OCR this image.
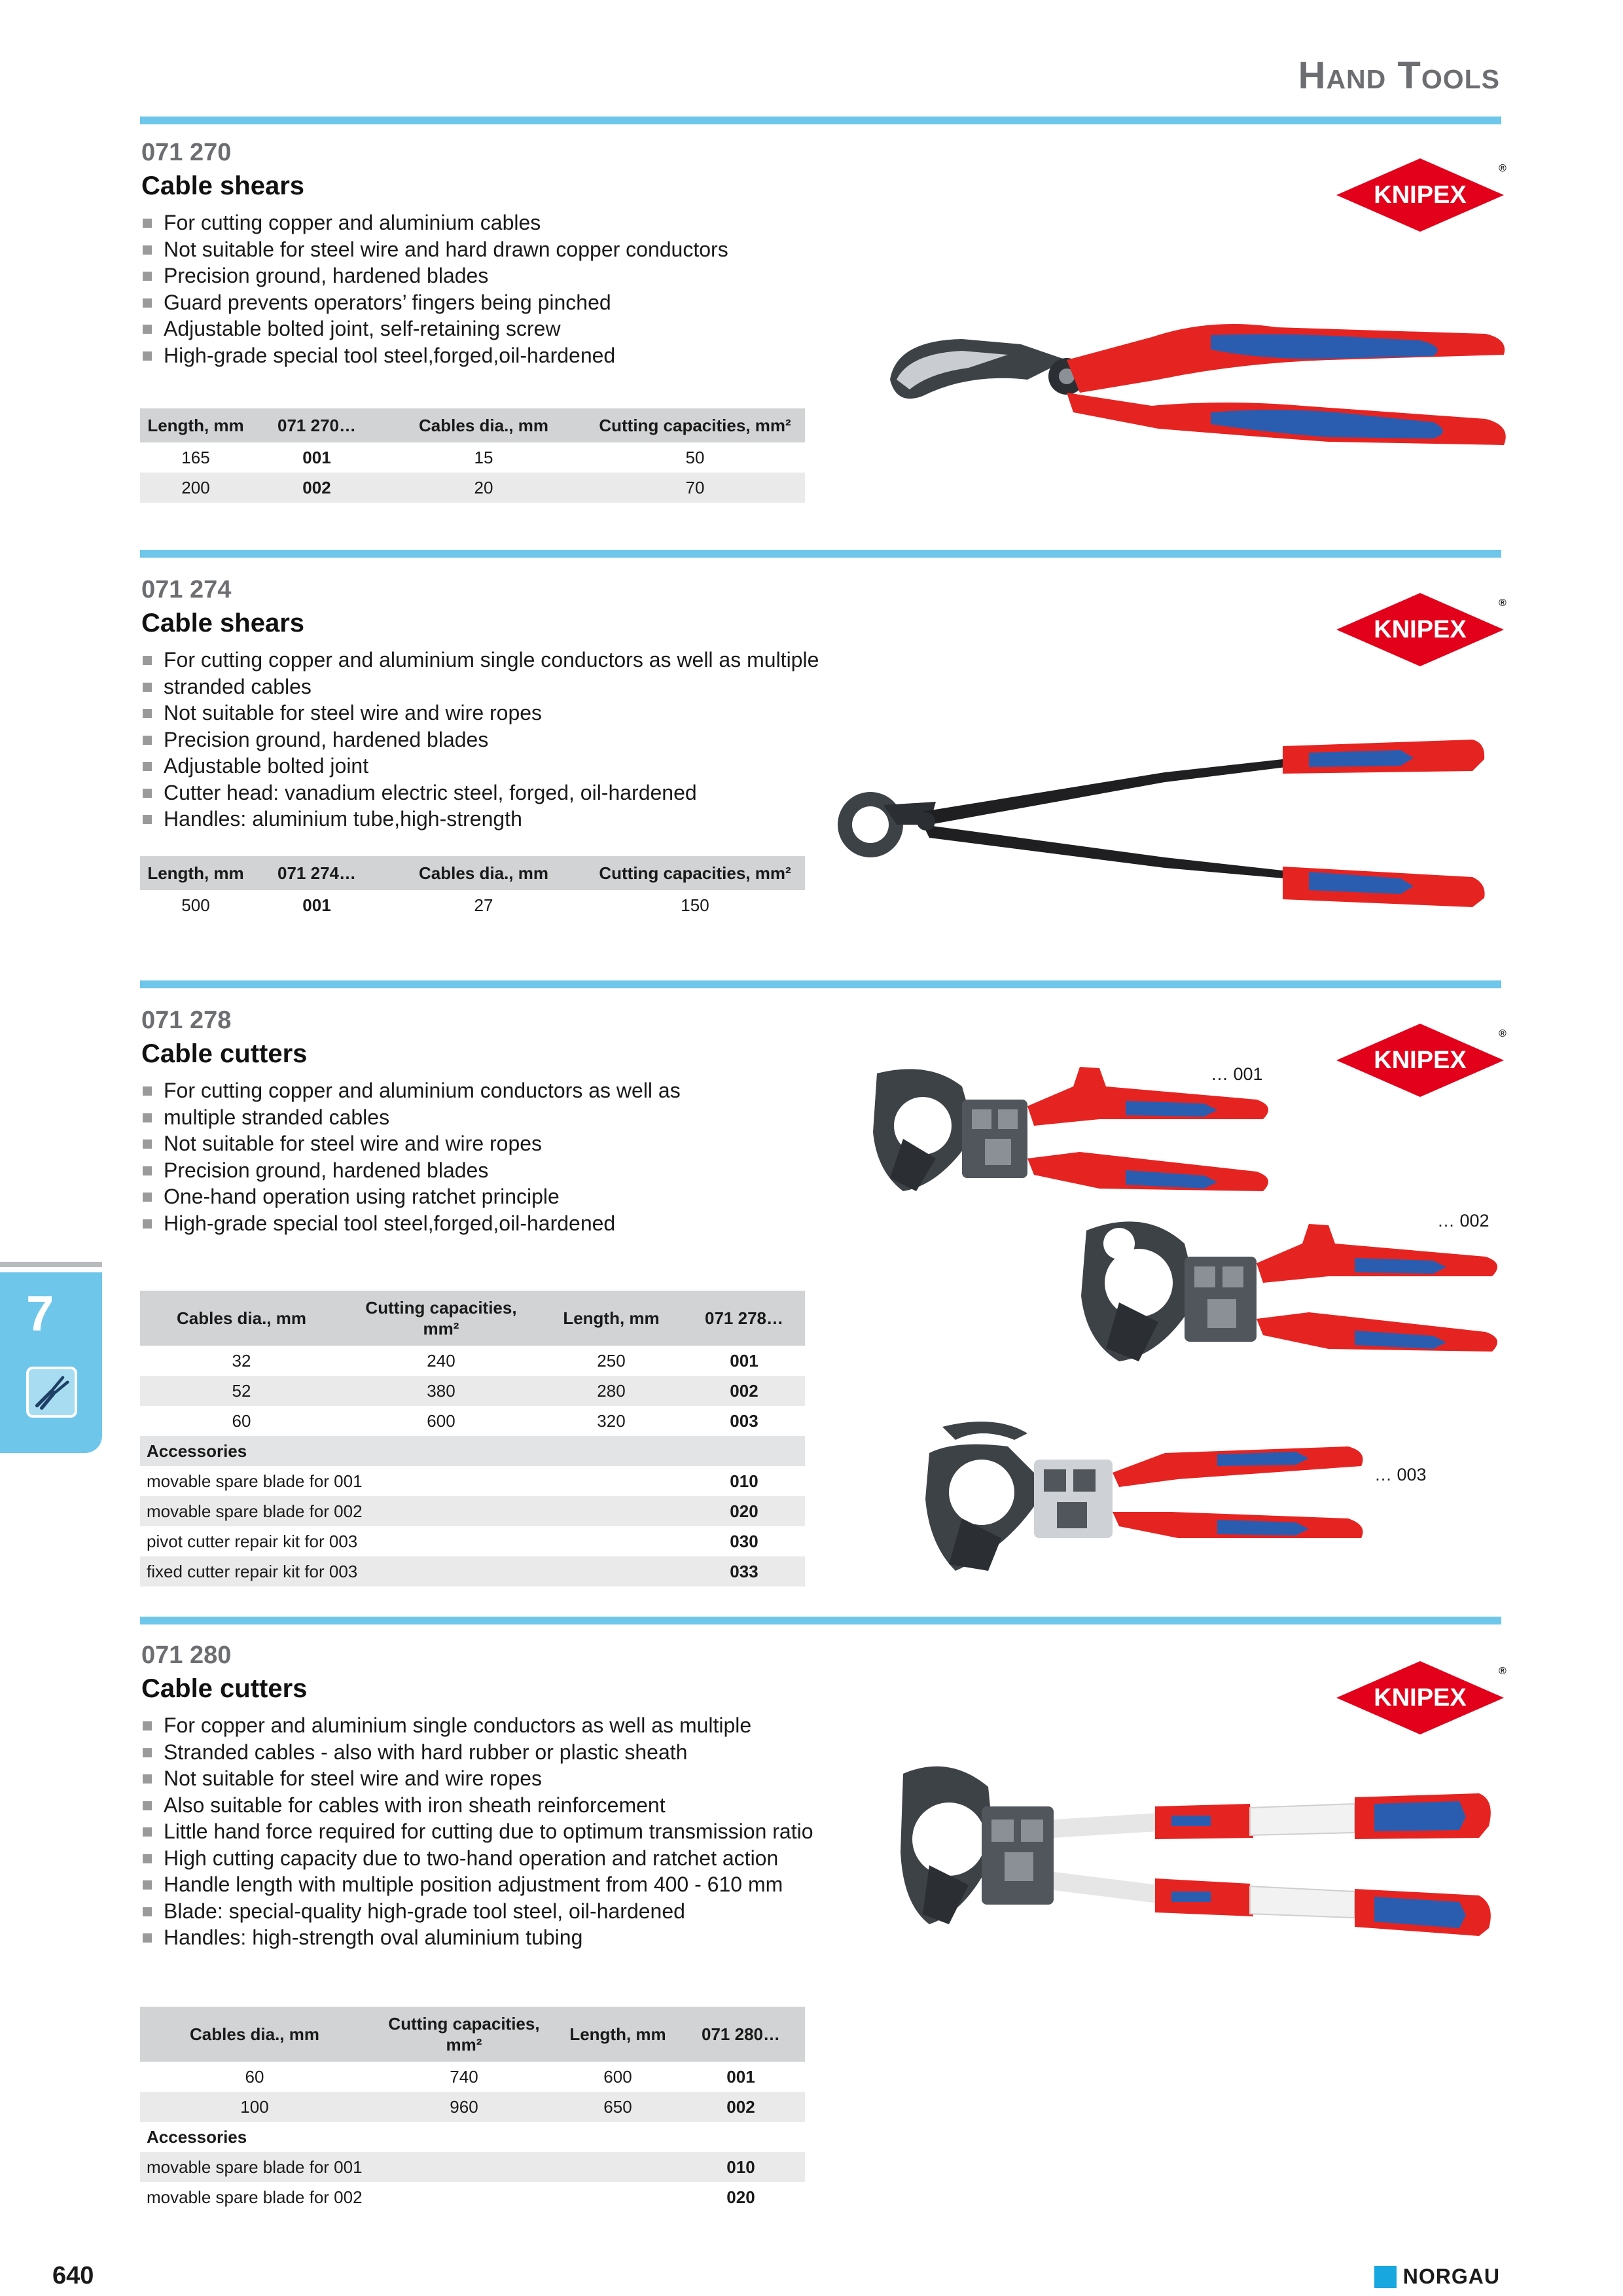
Hand Tools
071 270
Cable shears
For cutting copper and aluminium cables
Not suitable for steel wire and hard drawn copper conductors
Precision ground, hardened blades
Guard prevents operators’ fingers being pinched
Adjustable bolted joint, self-retaining screw
High-grade special tool steel,forged,oil-hardened
Length, mm	071 270…	Cables dia., mm	Cutting capacities, mm²
165	001	15	50
200	002	20	70
KNIPEX
®
071 274
Cable shears
For cutting copper and aluminium single conductors as well as multiple
stranded cables
Not suitable for steel wire and wire ropes
Precision ground, hardened blades
Adjustable bolted joint
Cutter head: vanadium electric steel, forged, oil-hardened
Handles: aluminium tube,high-strength
Length, mm	071 274…	Cables dia., mm	Cutting capacities, mm²
500	001	27	150
KNIPEX
®
071 278
Cable cutters
For cutting copper and aluminium conductors as well as
multiple stranded cables
Not suitable for steel wire and wire ropes
Precision ground, hardened blades
One-hand operation using ratchet principle
High-grade special tool steel,forged,oil-hardened
Cables dia., mm	Cutting capacities, mm²	Length, mm	071 278…
32	240	250	001
52	380	280	002
60	600	320	003
Accessories			
movable spare blade for 001			010
movable spare blade for 002			020
pivot cutter repair kit for 003			030
fixed cutter repair kit for 003			033
KNIPEX
®
… 001
… 002
… 003
071 280
Cable cutters
For copper and aluminium single conductors as well as multiple
Stranded cables - also with hard rubber or plastic sheath
Not suitable for steel wire and wire ropes
Also suitable for cables with iron sheath reinforcement
Little hand force required for cutting due to optimum transmission ratio
High cutting capacity due to two-hand operation and ratchet action
Handle length with multiple position adjustment from 400 - 610 mm
Blade: special-quality high-grade tool steel, oil-hardened
Handles: high-strength oval aluminium tubing
Cables dia., mm	Cutting capacities, mm²	Length, mm	071 280…
60	740	600	001
100	960	650	002
Accessories			
movable spare blade for 001			010
movable spare blade for 002			020
KNIPEX
®
7
640	NORGAU
